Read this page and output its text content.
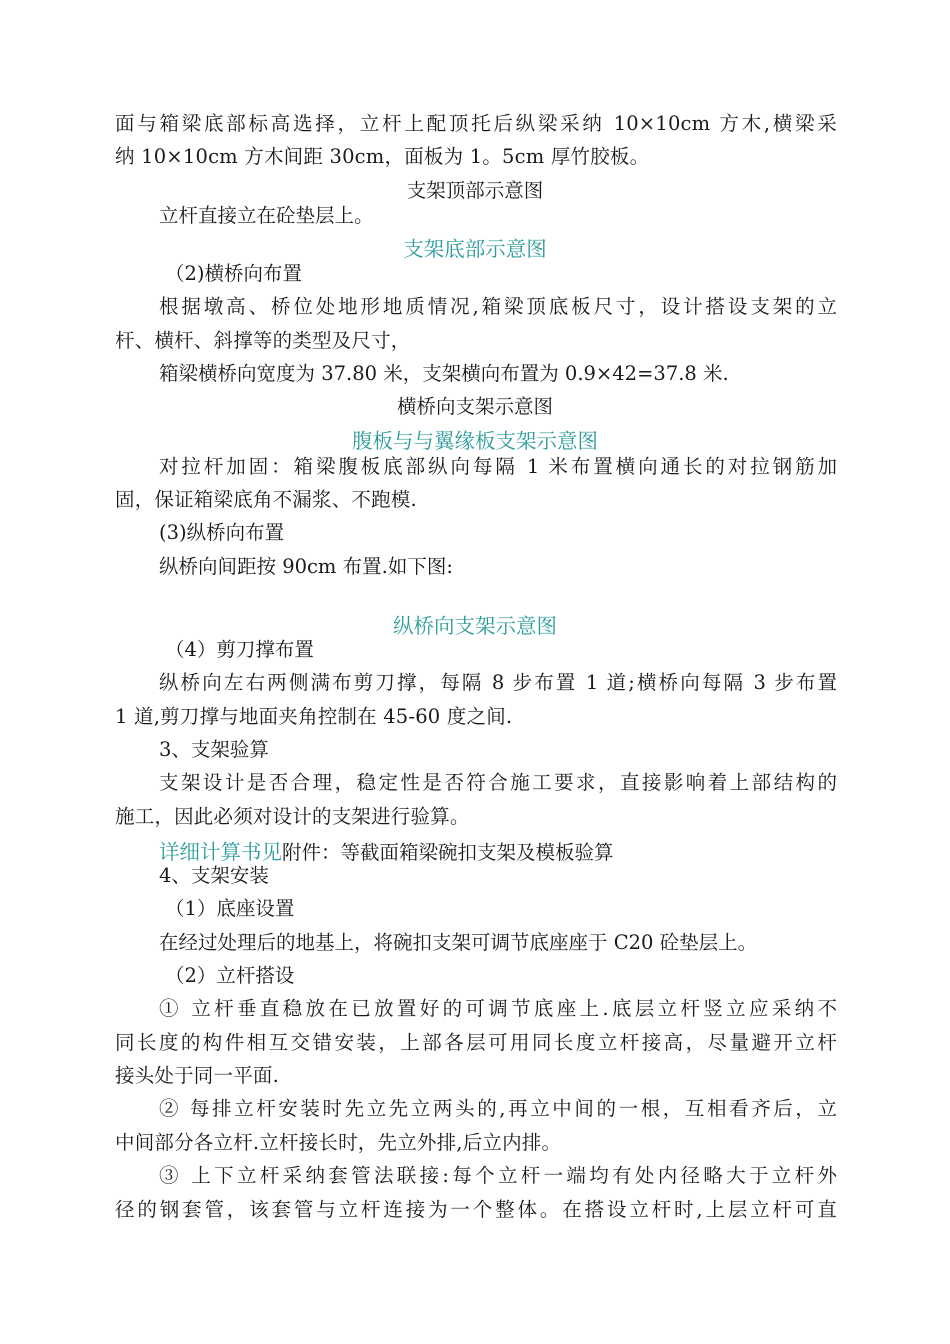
面与箱梁底部标高选择，立杆上配顶托后纵梁采纳 10×10cm 方木,横梁采
纳 10×10cm 方木间距 30cm，面板为 1。5cm 厚竹胶板。
支架顶部示意图
立杆直接立在砼垫层上。
支架底部示意图
（2)横桥向布置
根据墩高、桥位处地形地质情况,箱梁顶底板尺寸，设计搭设支架的立
杆、横杆、斜撑等的类型及尺寸，
箱梁横桥向宽度为 37.80 米，支架横向布置为 0.9×42=37.8 米.
横桥向支架示意图
腹板与与翼缘板支架示意图
对拉杆加固：箱梁腹板底部纵向每隔 1 米布置横向通长的对拉钢筋加
固，保证箱梁底角不漏浆、不跑模.
(3)纵桥向布置
纵桥向间距按 90cm 布置.如下图:
纵桥向支架示意图
（4）剪刀撑布置
纵桥向左右两侧满布剪刀撑，每隔 8 步布置 1 道;横桥向每隔 3 步布置
1 道,剪刀撑与地面夹角控制在 45-60 度之间.
3、支架验算
支架设计是否合理，稳定性是否符合施工要求，直接影响着上部结构的
施工，因此必须对设计的支架进行验算。
详细计算书见附件：等截面箱梁碗扣支架及模板验算
4、支架安装
（1）底座设置
在经过处理后的地基上，将碗扣支架可调节底座座于 C20 砼垫层上。
（2）立杆搭设
① 立杆垂直稳放在已放置好的可调节底座上.底层立杆竖立应采纳不
同长度的构件相互交错安装，上部各层可用同长度立杆接高，尽量避开立杆
接头处于同一平面.
② 每排立杆安装时先立先立两头的,再立中间的一根，互相看齐后，立
中间部分各立杆.立杆接长时，先立外排,后立内排。
③ 上下立杆采纳套管法联接:每个立杆一端均有处内径略大于立杆外
径的钢套管，该套管与立杆连接为一个整体。在搭设立杆时,上层立杆可直
